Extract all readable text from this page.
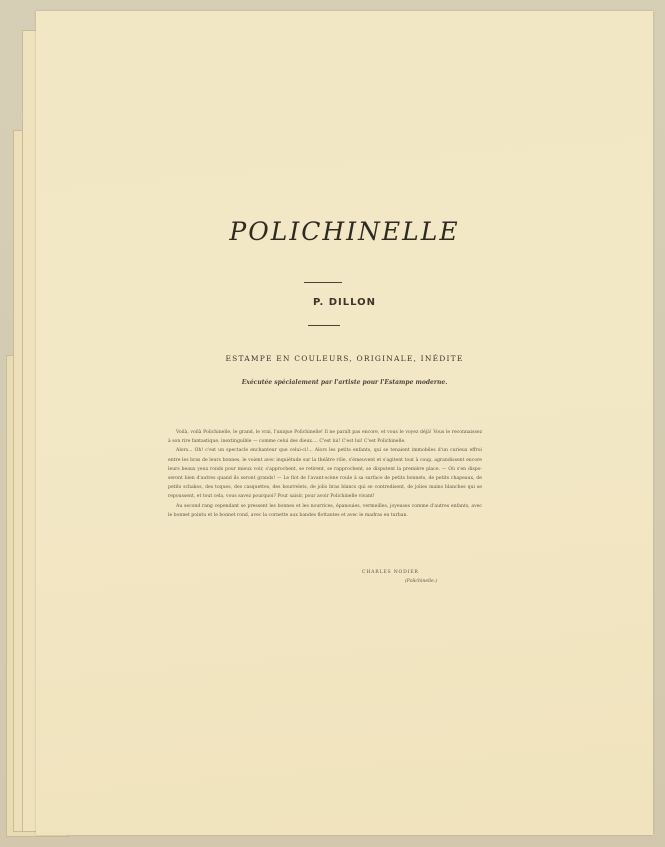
POLICHINELLE
P. DILLON
ESTAMPE EN COULEURS, ORIGINALE, INÉDITE
Exécutée spécialement par l'artiste pour l'Estampe moderne.

Voilà, voilà Polichinelle, le grand, le vrai, l'unique Polichinelle! Il ne paraît pas encore, et vous le voyez déjà! Vous le reconnaissez à son rire fantastique, inextinguible — comme celui des dieux.... C'est lui! C'est lui! C'est Polichinelle.

Alors... Oh! c'est un spectacle enchanteur que celui-ci!... Alors les petits enfants, qui se tenaient immobiles d'un curieux effroi entre les bras de leurs bonnes, le voient avec inquiétude sur la théâtre rôle, s'émeuvent et s'agitent tout à coup, agrandissent encore leurs beaux yeux ronds pour mieux voir, s'approchent, se retirent, se rapprochent, se disputent la première place. — Où s'en dispo- seront bien d'autres quand ils seront grands! — Le flot de l'avant-scène roule à sa surface de petits bonnets, de petits chapeaux, de petits schakos, des toques, des casquettes, des bourrelets, de jolis bras blancs qui se contredisent, de jolies mains blanches qui se repoussent, et tout cela, vous savez pourquoi? Pour saisir, pour avoir Polichinelle vivant!

Au second rang cependant se pressent les bonnes et les nourrices, épanouies, vermeilles, joyeuses comme d'autres enfants, avec le bonnet pointu et le bonnet rond, avec la cornette aux bandes flottantes et avec le madras en turban.

CHARLES NODIER
(Polichinelle.)
